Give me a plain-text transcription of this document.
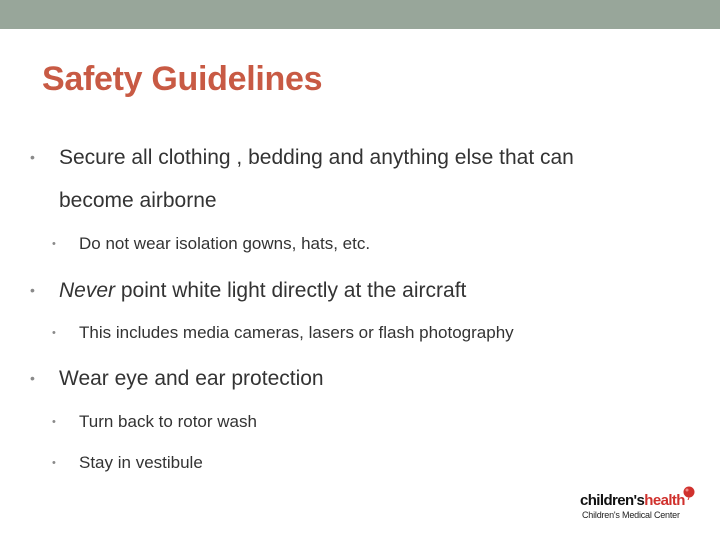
Safety Guidelines
• Secure all clothing , bedding and anything else that can
become airborne
• Do not wear isolation gowns, hats, etc.
• Never point white light directly at the aircraft
• This includes media cameras, lasers or flash photography
• Wear eye and ear protection
• Turn back to rotor wash
• Stay in vestibule
children'shealth
Children's Medical Center
